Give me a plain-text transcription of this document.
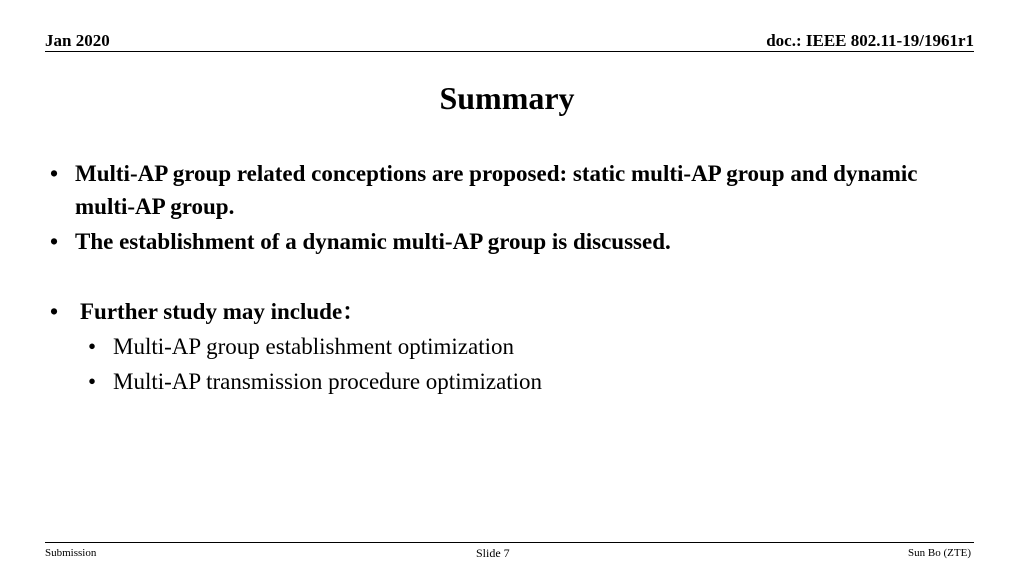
Jan 2020	doc.: IEEE 802.11-19/1961r1
Summary
• Multi-AP group related conceptions are proposed: static multi-AP group and dynamic multi-AP group.
• The establishment of a dynamic multi-AP group is discussed.
• Further study may include：
• Multi-AP group establishment optimization
• Multi-AP transmission procedure optimization
Submission	Slide 7	Sun Bo (ZTE)
